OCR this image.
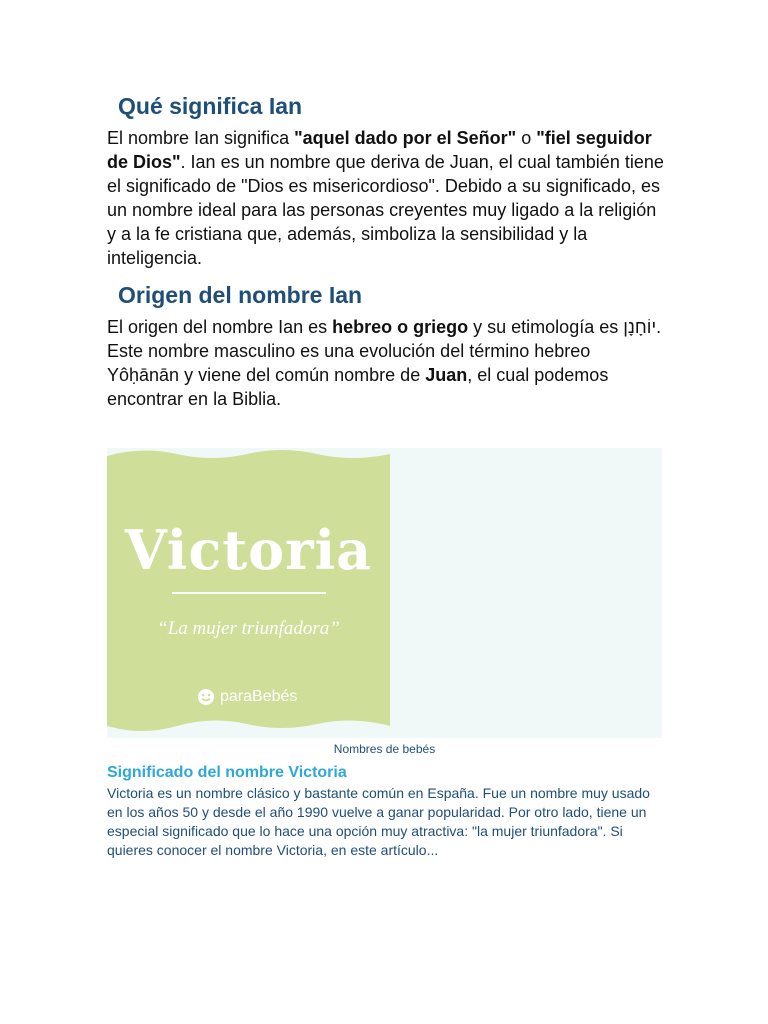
Qué significa Ian

El nombre Ian significa "aquel dado por el Señor" o "fiel seguidor de Dios". Ian es un nombre que deriva de Juan, el cual también tiene el significado de "Dios es misericordioso". Debido a su significado, es un nombre ideal para las personas creyentes muy ligado a la religión y a la fe cristiana que, además, simboliza la sensibilidad y la inteligencia.

Origen del nombre Ian

El origen del nombre Ian es hebreo o griego y su etimología es יוֹחָנָן. Este nombre masculino es una evolución del término hebreo Yôḥānān y viene del común nombre de Juan, el cual podemos encontrar en la Biblia.

Victoria
“La mujer triunfadora”
paraBebés
Nombres de bebés

Significado del nombre Victoria

Victoria es un nombre clásico y bastante común en España. Fue un nombre muy usado en los años 50 y desde el año 1990 vuelve a ganar popularidad. Por otro lado, tiene un especial significado que lo hace una opción muy atractiva: "la mujer triunfadora". Si quieres conocer el nombre Victoria, en este artículo...
